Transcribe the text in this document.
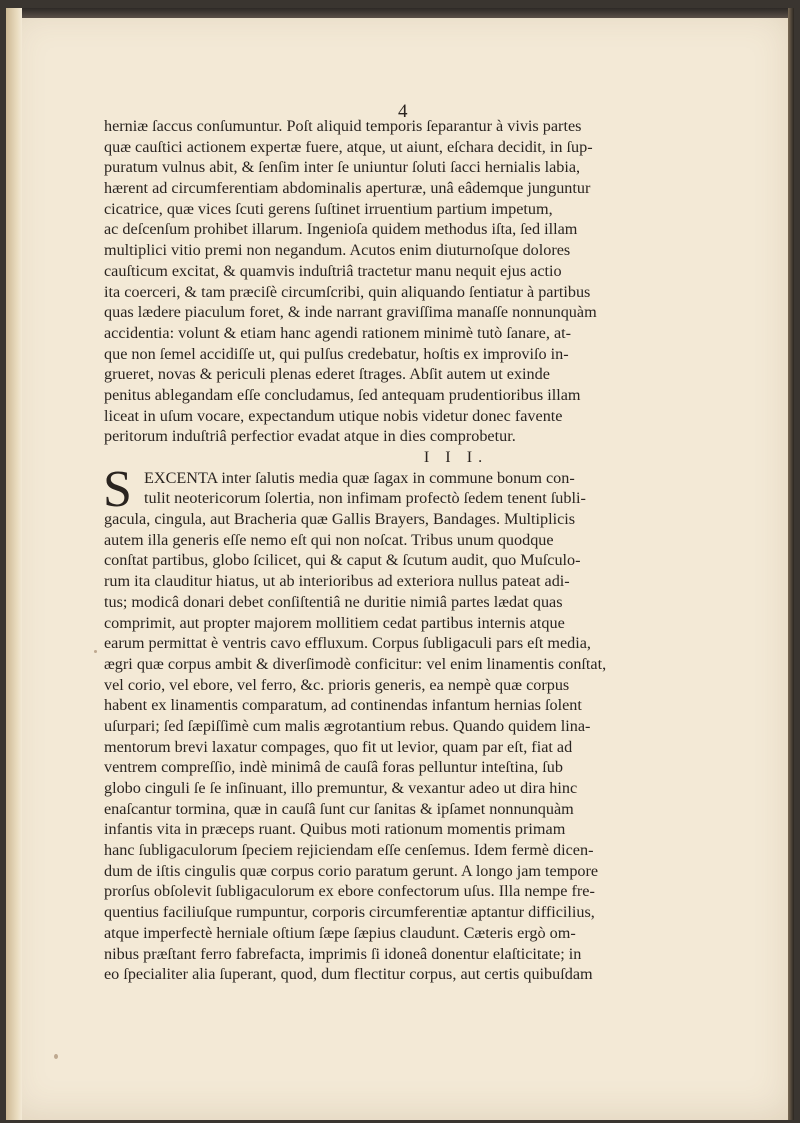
4
herniæ ſaccus conſumuntur. Poſt aliquid temporis ſeparantur à vivis partes
quæ cauſtici actionem expertæ fuere, atque, ut aiunt, eſchara decidit, in ſup-
puratum vulnus abit, & ſenſim inter ſe uniuntur ſoluti ſacci hernialis labia,
hærent ad circumferentiam abdominalis aperturæ, unâ eâdemque junguntur
cicatrice, quæ vices ſcuti gerens ſuſtinet irruentium partium impetum,
ac deſcenſum prohibet illarum. Ingenioſa quidem methodus iſta, ſed illam
multiplici vitio premi non negandum. Acutos enim diuturnoſque dolores
cauſticum excitat, & quamvis induſtriâ tractetur manu nequit ejus actio
ita coerceri, & tam præciſè circumſcribi, quin aliquando ſentiatur à partibus
quas lædere piaculum foret, & inde narrant graviſſima manaſſe nonnunquàm
accidentia: volunt & etiam hanc agendi rationem minimè tutò ſanare, at-
que non ſemel accidiſſe ut, qui pulſus credebatur, hoſtis ex improviſo in-
grueret, novas & periculi plenas ederet ſtrages. Abſit autem ut exinde
penitus ablegandam eſſe concludamus, ſed antequam prudentioribus illam
liceat in uſum vocare, expectandum utique nobis videtur donec favente
peritorum induſtriâ perfectior evadat atque in dies comprobetur.
I I I.
S EXCENTA inter ſalutis media quæ ſagax in commune bonum con-
tulit neotericorum ſolertia, non infimam profectò ſedem tenent ſubli-
gacula, cingula, aut Bracheria quæ Gallis Brayers, Bandages. Multiplicis
autem illa generis eſſe nemo eſt qui non noſcat. Tribus unum quodque
conſtat partibus, globo ſcilicet, qui & caput & ſcutum audit, quo Muſculo-
rum ita clauditur hiatus, ut ab interioribus ad exteriora nullus pateat adi-
tus; modicâ donari debet conſiſtentiâ ne duritie nimiâ partes lædat quas
comprimit, aut propter majorem mollitiem cedat partibus internis atque
earum permittat è ventris cavo effluxum. Corpus ſubligaculi pars eſt media,
ægri quæ corpus ambit & diverſimodè conficitur: vel enim linamentis conſtat,
vel corio, vel ebore, vel ferro, &c. prioris generis, ea nempè quæ corpus
habent ex linamentis comparatum, ad continendas infantum hernias ſolent
uſurpari; ſed ſæpiſſimè cum malis ægrotantium rebus. Quando quidem lina-
mentorum brevi laxatur compages, quo fit ut levior, quam par eſt, fiat ad
ventrem compreſſio, indè minimâ de cauſâ foras pelluntur inteſtina, ſub
globo cinguli ſe ſe inſinuant, illo premuntur, & vexantur adeo ut dira hinc
enaſcantur tormina, quæ in cauſâ ſunt cur ſanitas & ipſamet nonnunquàm
infantis vita in præceps ruant. Quibus moti rationum momentis primam
hanc ſubligaculorum ſpeciem rejiciendam eſſe cenſemus. Idem fermè dicen-
dum de iſtis cingulis quæ corpus corio paratum gerunt. A longo jam tempore
prorſus obſolevit ſubligaculorum ex ebore confectorum uſus. Illa nempe fre-
quentius faciliuſque rumpuntur, corporis circumferentiæ aptantur difficilius,
atque imperfectè herniale oſtium ſæpe ſæpius claudunt. Cæteris ergò om-
nibus præſtant ferro fabrefacta, imprimis ſi idoneâ donentur elaſticitate; in
eo ſpecialiter alia ſuperant, quod, dum flectitur corpus, aut certis quibuſdam
